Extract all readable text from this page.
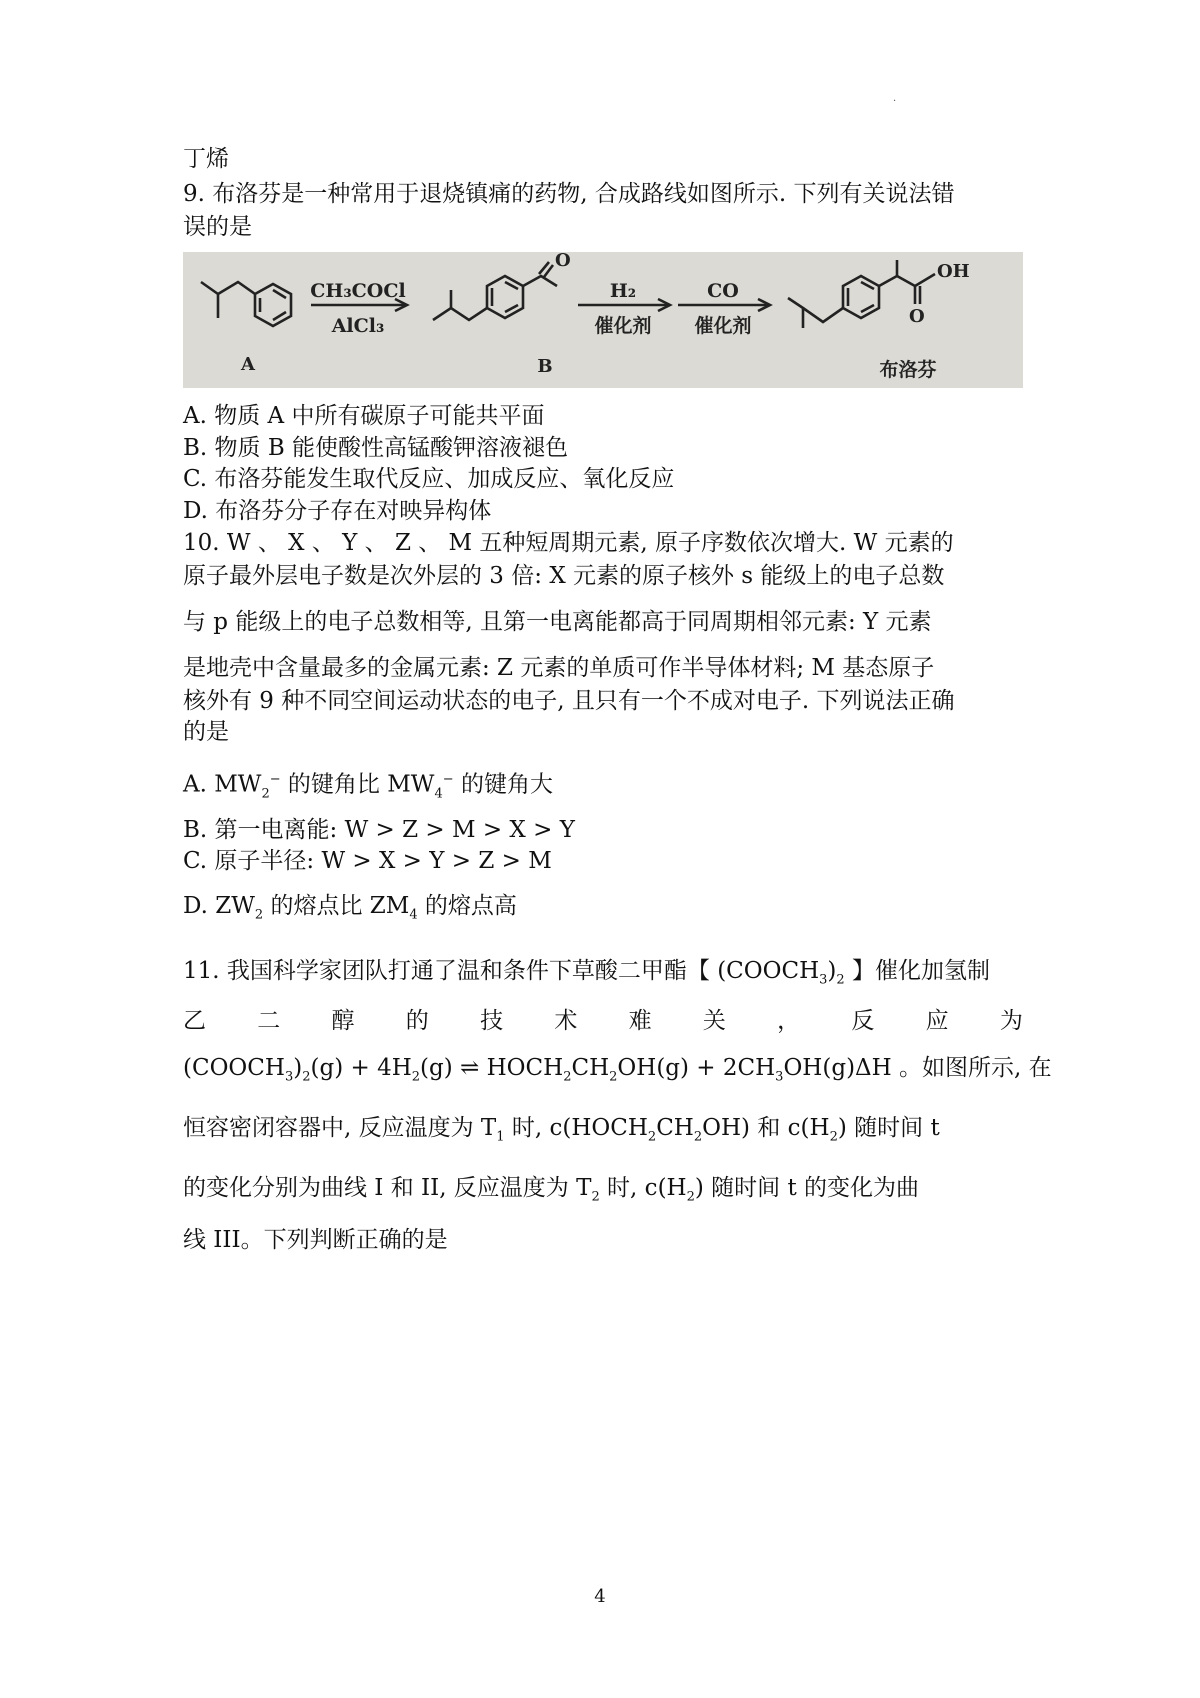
·
丁烯
9. 布洛芬是一种常用于退烧镇痛的药物, 合成路线如图所示. 下列有关说法错
误的是
CH₃COCl
AlCl₃
H₂
催化剂
CO
催化剂
O
OH
O
A	B	布洛芬
A. 物质 A 中所有碳原子可能共平面
B. 物质 B 能使酸性高锰酸钾溶液褪色
C. 布洛芬能发生取代反应、加成反应、氧化反应
D. 布洛芬分子存在对映异构体
10. W 、 X 、 Y 、 Z 、 M 五种短周期元素, 原子序数依次增大. W 元素的
原子最外层电子数是次外层的 3 倍: X 元素的原子核外 s 能级上的电子总数
与 p 能级上的电子总数相等, 且第一电离能都高于同周期相邻元素: Y 元素
是地壳中含量最多的金属元素: Z 元素的单质可作半导体材料; M 基态原子
核外有 9 种不同空间运动状态的电子, 且只有一个不成对电子. 下列说法正确
的是
A. $MW_2^-$ 的键角比 $MW_4^-$ 的键角大
B. 第一电离能: W > Z > M > X > Y
C. 原子半径: W > X > Y > Z > M
D. $ZW_2$ 的熔点比 $ZM_4$ 的熔点高
11. 我国科学家团队打通了温和条件下草酸二甲酯【 $(COOCH_3)_2$ 】催化加氢制
乙 二 醇 的 技 术 难 关 ， 反 应 为
$(COOCH_3)_2(g) + 4H_2(g)$ ⇌ $HOCH_2CH_2OH(g) + 2CH_3OH(g)\Delta H$ 。如图所示, 在
恒容密闭容器中, 反应温度为 $T_1$ 时, $c(HOCH_2CH_2OH)$ 和 $c(H_2)$ 随时间 t
的变化分别为曲线 I 和 II, 反应温度为 $T_2$ 时, $c(H_2)$ 随时间 t 的变化为曲
线 III。下列判断正确的是
4
